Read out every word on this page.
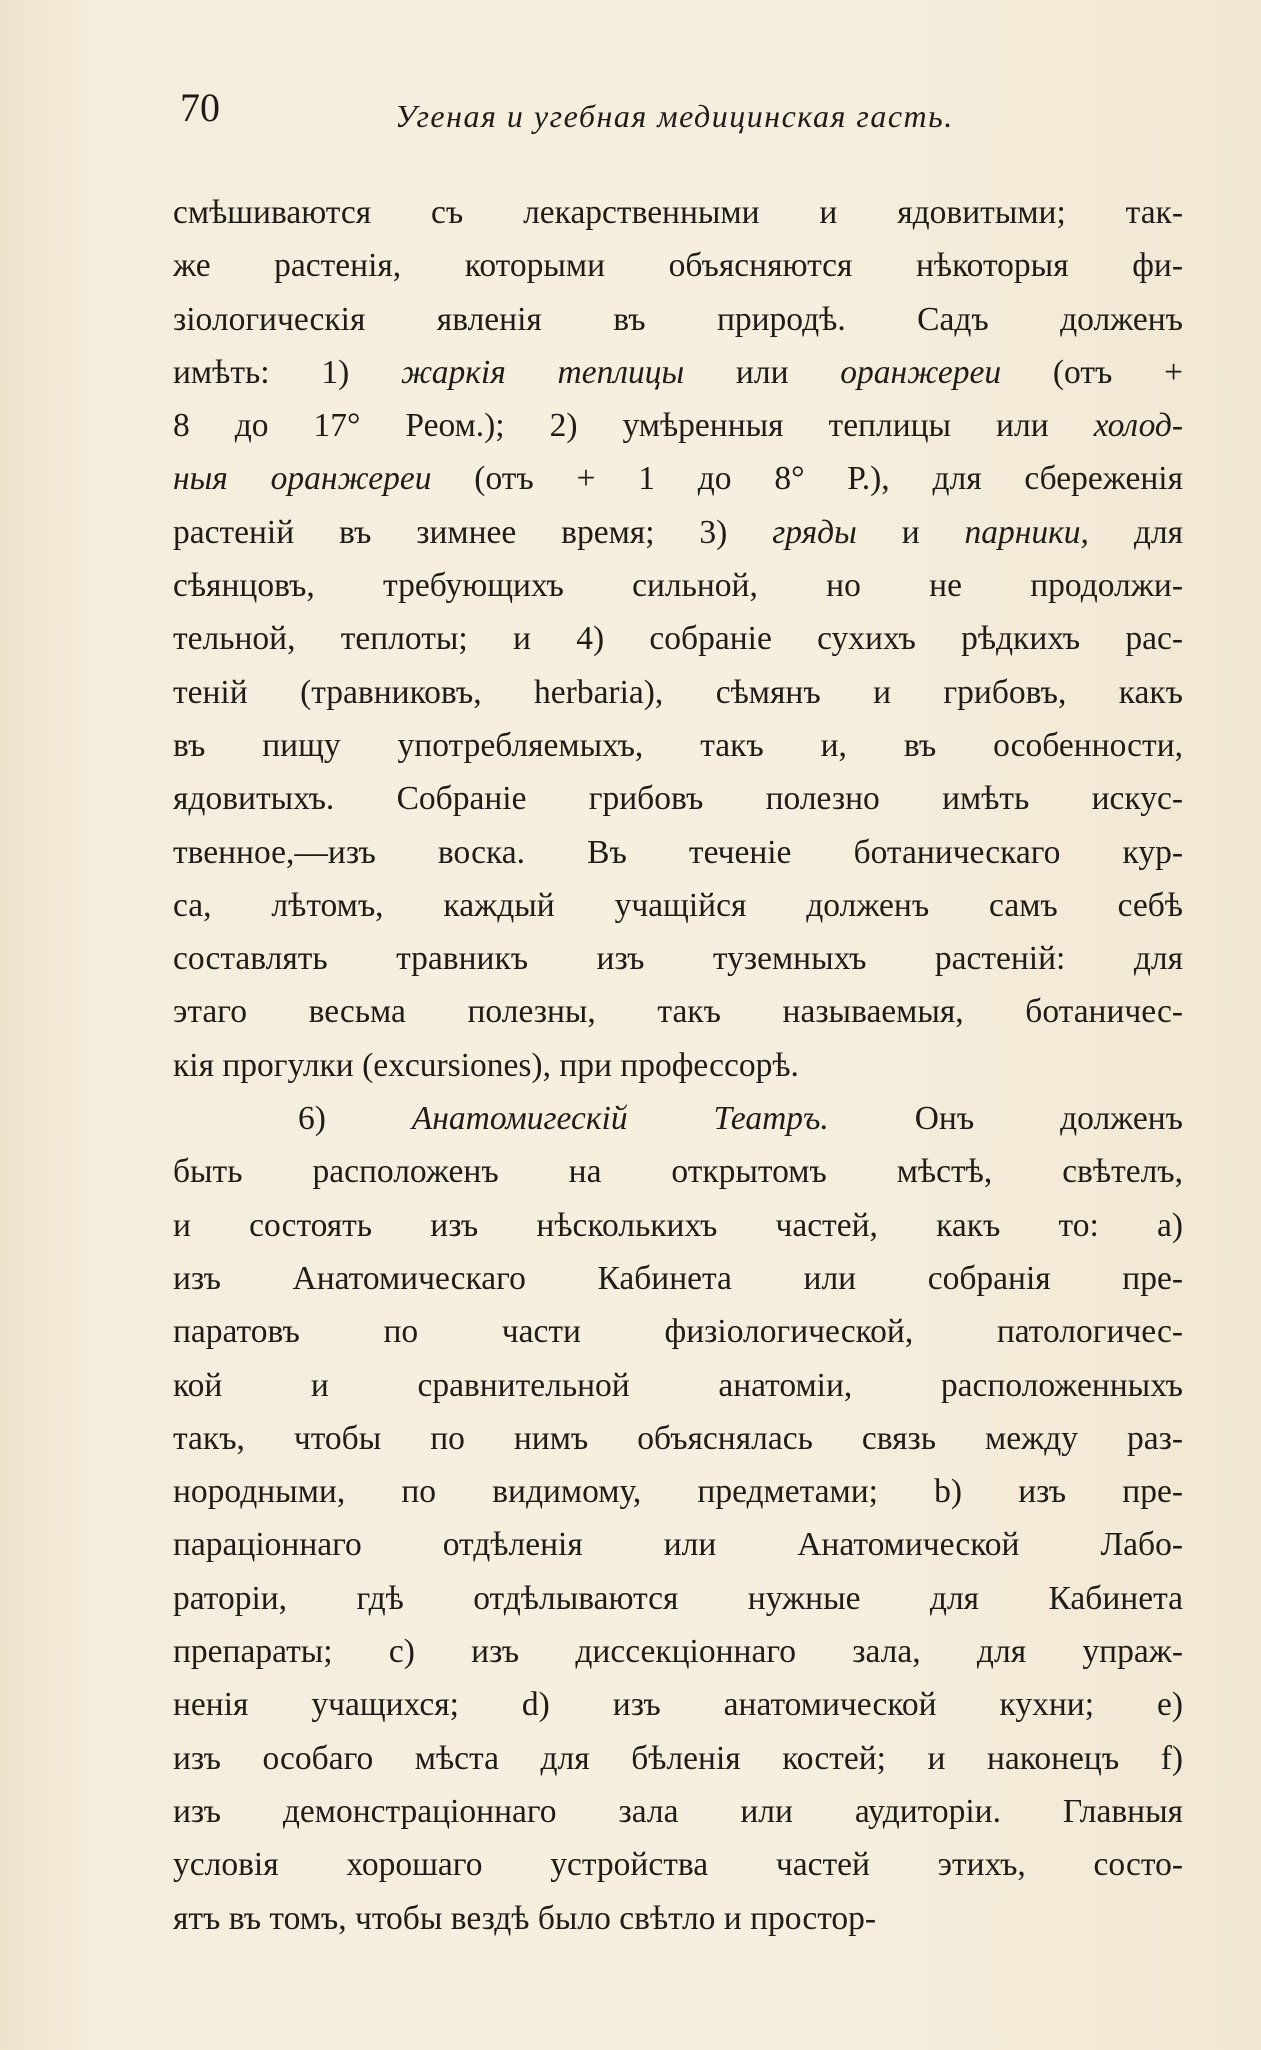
70	Угеная и угебная медицинская гасть.
смѣшиваются съ лекарственными и ядовитыми; так-
же растенія, которыми объясняются нѣкоторыя фи-
зіологическія явленія въ природѣ. Садъ долженъ
имѣть: 1) жаркія теплицы или оранжереи (отъ +
8 до 17° Реом.); 2) умѣренныя теплицы или холод-
ныя оранжереи (отъ + 1 до 8° Р.), для сбереженія
растеній въ зимнее время; 3) гряды и парники, для
сѣянцовъ, требующихъ сильной, но не продолжи-
тельной, теплоты; и 4) собраніе сухихъ рѣдкихъ рас-
теній (травниковъ, herbaria), сѣмянъ и грибовъ, какъ
въ пищу употребляемыхъ, такъ и, въ особенности,
ядовитыхъ. Собраніе грибовъ полезно имѣть искус-
твенное,—изъ воска. Въ теченіе ботаническаго кур-
са, лѣтомъ, каждый учащійся долженъ самъ себѣ
составлять травникъ изъ туземныхъ растеній: для
этаго весьма полезны, такъ называемыя, ботаничес-
кія прогулки (excursiones), при профессорѣ.
6) Анатомигескій Театръ. Онъ долженъ
быть расположенъ на открытомъ мѣстѣ, свѣтелъ,
и состоять изъ нѣсколькихъ частей, какъ то: a)
изъ Анатомическаго Кабинета или собранія пре-
паратовъ по части физіологической, патологичес-
кой и сравнительной анатоміи, расположенныхъ
такъ, чтобы по нимъ объяснялась связь между раз-
нородными, по видимому, предметами; b) изъ пре-
парацiоннаго отдѣленія или Анатомической Лабо-
раторіи, гдѣ отдѣлываются нужные для Кабинета
препараты; c) изъ диссекціоннаго зала, для упраж-
ненія учащихся; d) изъ анатомической кухни; e)
изъ особаго мѣста для бѣленія костей; и наконецъ f)
изъ демонстраціоннаго зала или аудиторіи. Главныя
условія хорошаго устройства частей этихъ, состо-
ятъ въ томъ, чтобы вездѣ было свѣтло и простор-
